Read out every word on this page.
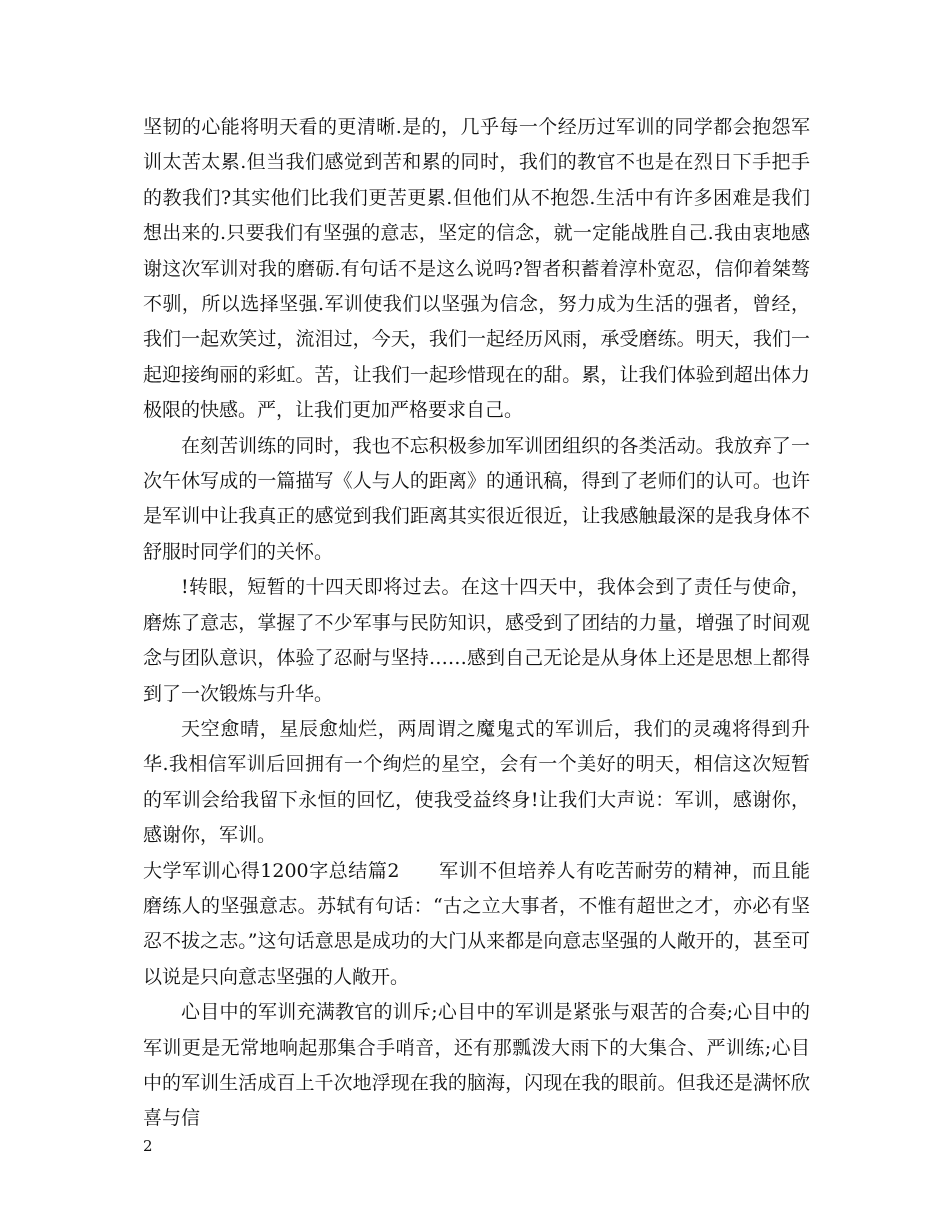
坚韧的心能将明天看的更清晰.是的，几乎每一个经历过军训的同学都会抱怨军训太苦太累.但当我们感觉到苦和累的同时，我们的教官不也是在烈日下手把手的教我们?其实他们比我们更苦更累.但他们从不抱怨.生活中有许多困难是我们想出来的.只要我们有坚强的意志，坚定的信念，就一定能战胜自己.我由衷地感谢这次军训对我的磨砺.有句话不是这么说吗?智者积蓄着淳朴宽忍，信仰着桀骜不驯，所以选择坚强.军训使我们以坚强为信念，努力成为生活的强者，曾经，我们一起欢笑过，流泪过，今天，我们一起经历风雨，承受磨练。明天，我们一起迎接绚丽的彩虹。苦，让我们一起珍惜现在的甜。累，让我们体验到超出体力极限的快感。严，让我们更加严格要求自己。

在刻苦训练的同时，我也不忘积极参加军训团组织的各类活动。我放弃了一次午休写成的一篇描写《人与人的距离》的通讯稿，得到了老师们的认可。也许是军训中让我真正的感觉到我们距离其实很近很近，让我感触最深的是我身体不舒服时同学们的关怀。

!转眼，短暂的十四天即将过去。在这十四天中，我体会到了责任与使命，磨炼了意志，掌握了不少军事与民防知识，感受到了团结的力量，增强了时间观念与团队意识，体验了忍耐与坚持……感到自己无论是从身体上还是思想上都得到了一次锻炼与升华。

天空愈晴，星辰愈灿烂，两周谓之魔鬼式的军训后，我们的灵魂将得到升华.我相信军训后回拥有一个绚烂的星空，会有一个美好的明天，相信这次短暂的军训会给我留下永恒的回忆，使我受益终身!让我们大声说：军训，感谢你，感谢你，军训。

大学军训心得1200字总结篇2　　军训不但培养人有吃苦耐劳的精神，而且能磨练人的坚强意志。苏轼有句话：“古之立大事者，不惟有超世之才，亦必有坚忍不拔之志。”这句话意思是成功的大门从来都是向意志坚强的人敞开的，甚至可以说是只向意志坚强的人敞开。

心目中的军训充满教官的训斥;心目中的军训是紧张与艰苦的合奏;心目中的军训更是无常地响起那集合手哨音，还有那瓢泼大雨下的大集合、严训练;心目中的军训生活成百上千次地浮现在我的脑海，闪现在我的眼前。但我还是满怀欣喜与信

2
